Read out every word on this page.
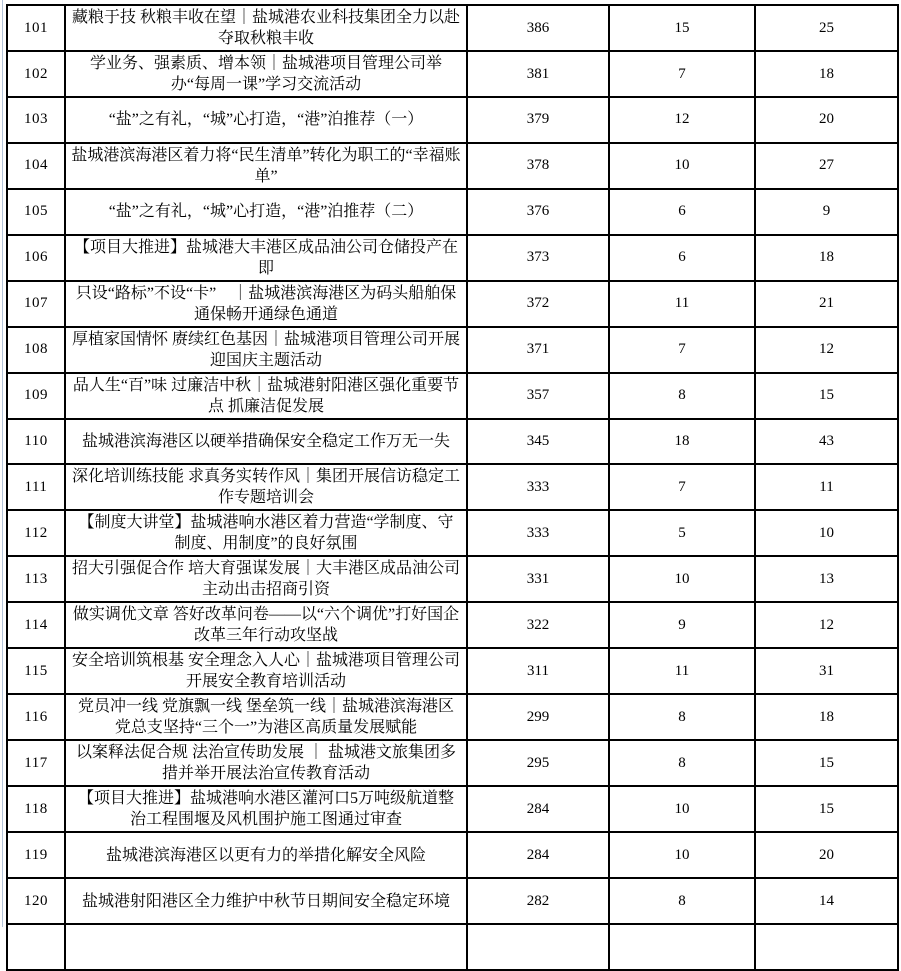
101	藏粮于技 秋粮丰收在望｜盐城港农业科技集团全力以赴夺取秋粮丰收	386	15	25
102	学业务、强素质、增本领｜盐城港项目管理公司举办“每周一课”学习交流活动	381	7	18
103	“盐”之有礼，“城”心打造，“港”泊推荐（一）	379	12	20
104	盐城港滨海港区着力将“民生清单”转化为职工的“幸福账单”	378	10	27
105	“盐”之有礼，“城”心打造，“港”泊推荐（二）	376	6	9
106	【项目大推进】盐城港大丰港区成品油公司仓储投产在即	373	6	18
107	只设“路标”不设“卡”　｜盐城港滨海港区为码头船舶保通保畅开通绿色通道	372	11	21
108	厚植家国情怀 赓续红色基因｜盐城港项目管理公司开展迎国庆主题活动	371	7	12
109	品人生“百”味 过廉洁中秋｜盐城港射阳港区强化重要节点 抓廉洁促发展	357	8	15
110	盐城港滨海港区以硬举措确保安全稳定工作万无一失	345	18	43
111	深化培训练技能 求真务实转作风｜集团开展信访稳定工作专题培训会	333	7	11
112	【制度大讲堂】盐城港响水港区着力营造“学制度、守制度、用制度”的良好氛围	333	5	10
113	招大引强促合作 培大育强谋发展｜大丰港区成品油公司主动出击招商引资	331	10	13
114	做实调优文章 答好改革问卷——以“六个调优”打好国企改革三年行动攻坚战	322	9	12
115	安全培训筑根基 安全理念入人心｜盐城港项目管理公司开展安全教育培训活动	311	11	31
116	党员冲一线 党旗飘一线 堡垒筑一线｜盐城港滨海港区党总支坚持“三个一”为港区高质量发展赋能	299	8	18
117	以案释法促合规 法治宣传助发展 ｜ 盐城港文旅集团多措并举开展法治宣传教育活动	295	8	15
118	【项目大推进】盐城港响水港区灌河口5万吨级航道整治工程围堰及风机围护施工图通过审查	284	10	15
119	盐城港滨海港区以更有力的举措化解安全风险	284	10	20
120	盐城港射阳港区全力维护中秋节日期间安全稳定环境	282	8	14
